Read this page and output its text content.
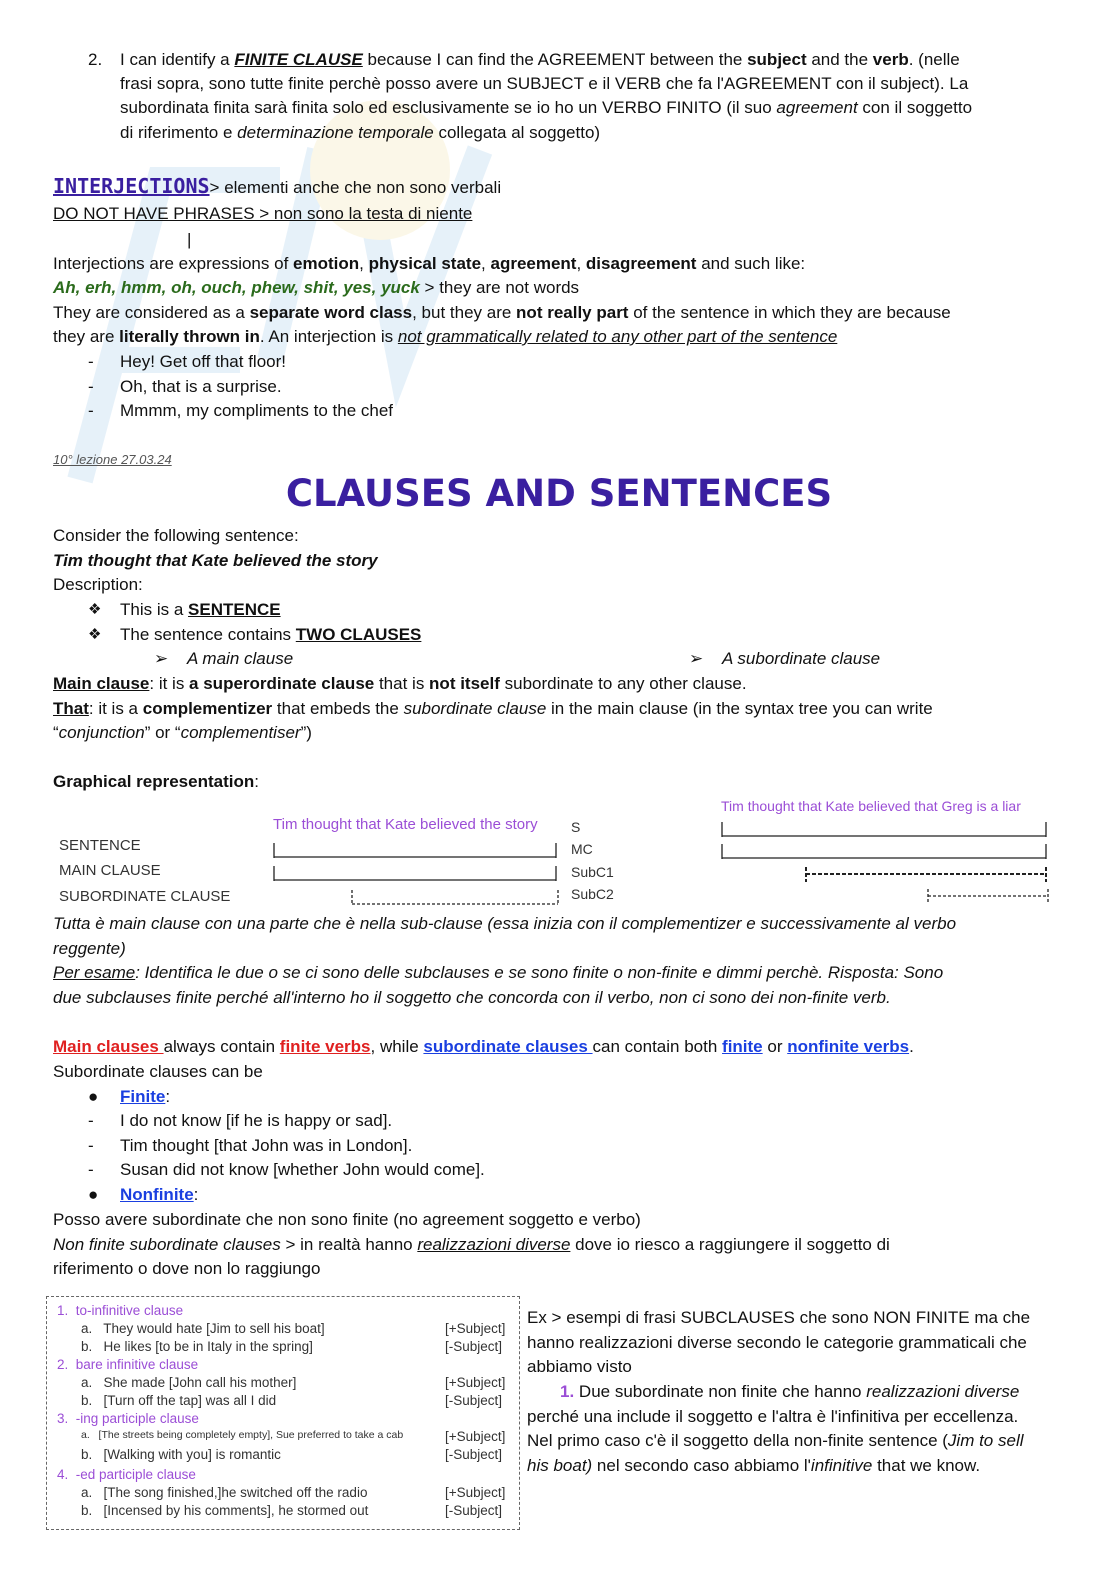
2. I can identify a FINITE CLAUSE because I can find the AGREEMENT between the subject and the verb. (nelle
frasi sopra, sono tutte finite perchè posso avere un SUBJECT e il VERB che fa l'AGREEMENT con il subject). La
subordinata finita sarà finita solo ed esclusivamente se io ho un VERBO FINITO (il suo agreement con il soggetto
di riferimento e determinazione temporale collegata al soggetto)
INTERJECTIONS> elementi anche che non sono verbali
DO NOT HAVE PHRASES > non sono la testa di niente
|
Interjections are expressions of emotion, physical state, agreement, disagreement and such like:
Ah, erh, hmm, oh, ouch, phew, shit, yes, yuck > they are not words
They are considered as a separate word class, but they are not really part of the sentence in which they are because
they are literally thrown in. An interjection is not grammatically related to any other part of the sentence
- Hey! Get off that floor!
- Oh, that is a surprise.
- Mmmm, my compliments to the chef
10° lezione 27.03.24
CLAUSES AND SENTENCES
Consider the following sentence:
Tim thought that Kate believed the story
Description:
❖ This is a SENTENCE
❖ The sentence contains TWO CLAUSES
➢ A main clause	➢ A subordinate clause
Main clause: it is a superordinate clause that is not itself subordinate to any other clause.
That: it is a complementizer that embeds the subordinate clause in the main clause (in the syntax tree you can write
“conjunction” or “complementiser”)
Graphical representation:
SENTENCE
MAIN CLAUSE
SUBORDINATE CLAUSE
Tim thought that Kate believed the story
Tim thought that Kate believed that Greg is a liar
S
MC
SubC1
SubC2
Tutta è main clause con una parte che è nella sub-clause (essa inizia con il complementizer e successivamente al verbo
reggente)
Per esame: Identifica le due o se ci sono delle subclauses e se sono finite o non-finite e dimmi perchè. Risposta: Sono
due subclauses finite perché all'interno ho il soggetto che concorda con il verbo, non ci sono dei non-finite verb.
Main clauses always contain finite verbs, while subordinate clauses can contain both finite or nonfinite verbs.
Subordinate clauses can be
● Finite:
- I do not know [if he is happy or sad].
- Tim thought [that John was in London].
- Susan did not know [whether John would come].
● Nonfinite:
Posso avere subordinate che non sono finite (no agreement soggetto e verbo)
Non finite subordinate clauses > in realtà hanno realizzazioni diverse dove io riesco a raggiungere il soggetto di
riferimento o dove non lo raggiungo
1. to-infinitive clause
a. They would hate [Jim to sell his boat]	[+Subject]
b. He likes [to be in Italy in the spring]	[-Subject]
2. bare infinitive clause
a. She made [John call his mother]	[+Subject]
b. [Turn off the tap] was all I did	[-Subject]
3. -ing participle clause
a. [The streets being completely empty], Sue preferred to take a cab	[+Subject]
b. [Walking with you] is romantic	[-Subject]
4. -ed participle clause
a. [The song finished,]he switched off the radio	[+Subject]
b. [Incensed by his comments], he stormed out	[-Subject]
Ex > esempi di frasi SUBCLAUSES che sono NON FINITE ma che hanno realizzazioni diverse secondo le categorie grammaticali che abbiamo visto
1. Due subordinate non finite che hanno realizzazioni diverse perché una include il soggetto e l'altra è l'infinitiva per eccellenza. Nel primo caso c'è il soggetto della non-finite sentence (Jim to sell his boat) nel secondo caso abbiamo l'infinitive that we know.
